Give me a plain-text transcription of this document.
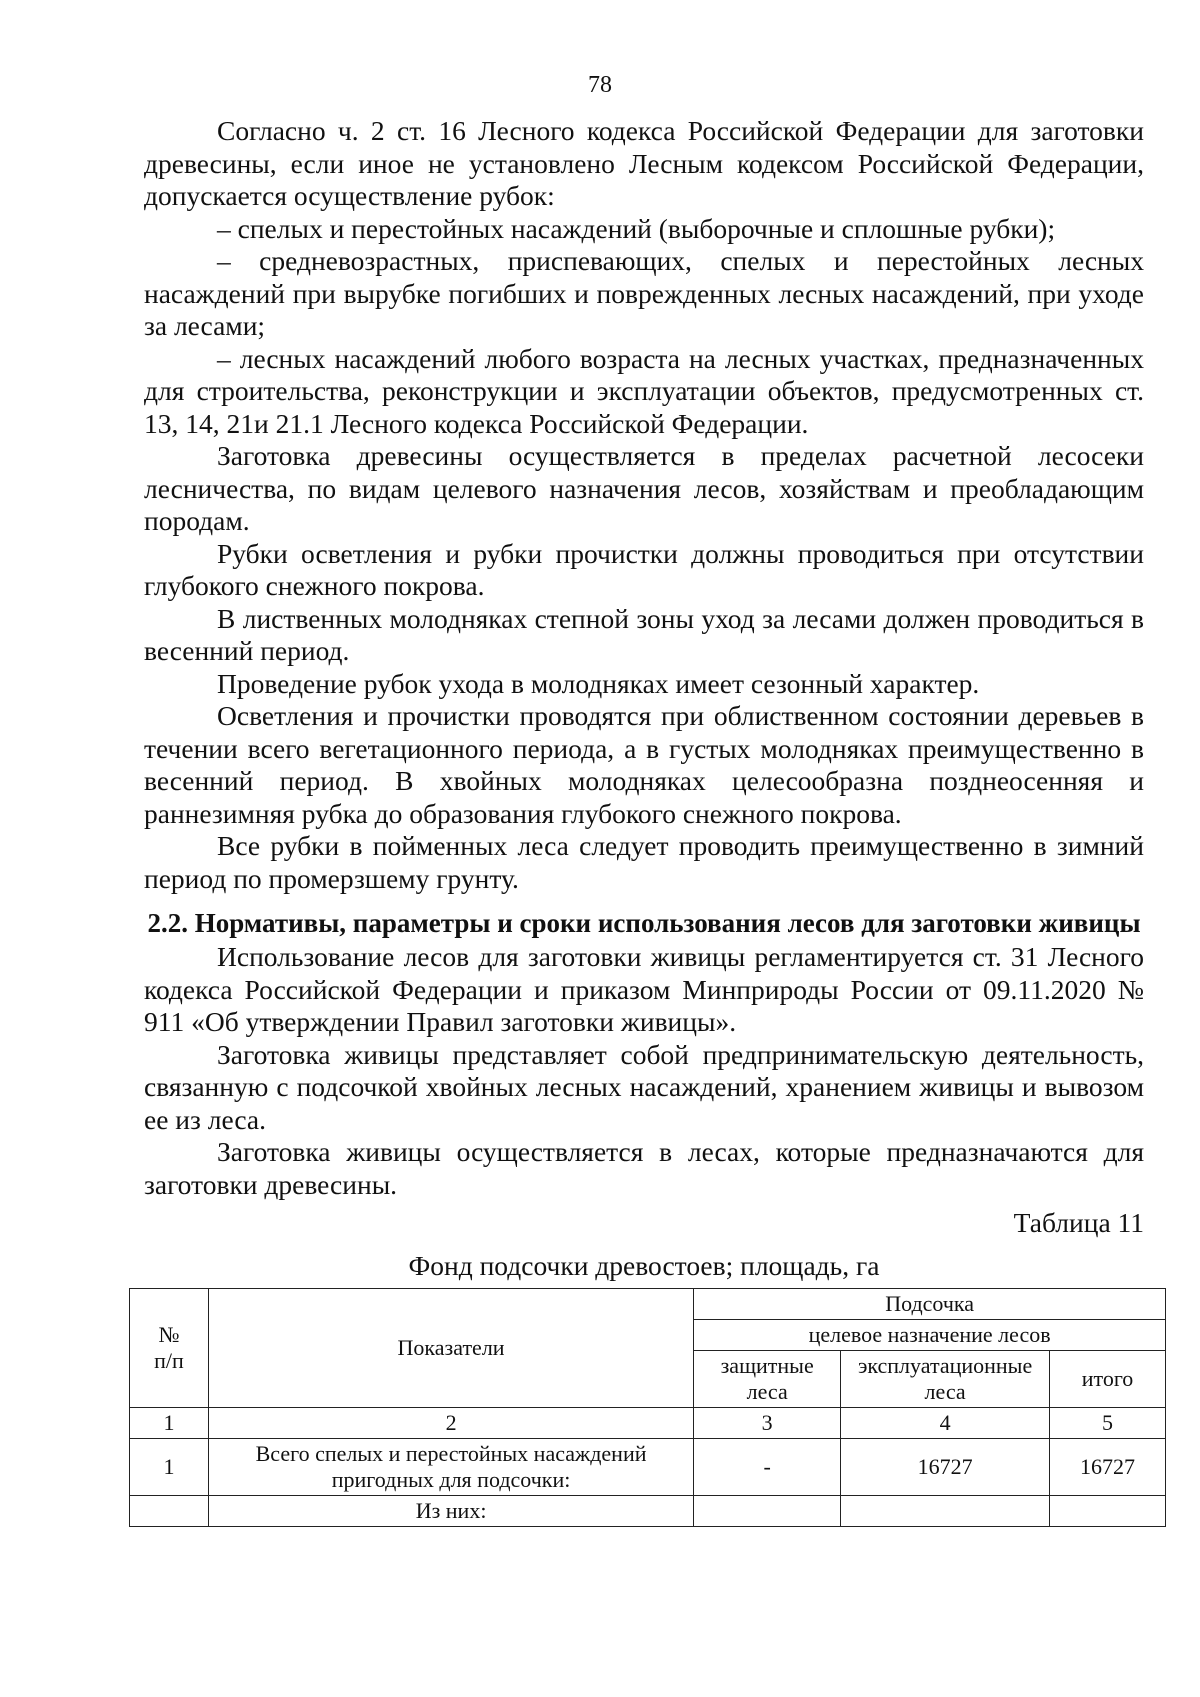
78

Согласно ч. 2 ст. 16 Лесного кодекса Российской Федерации для заготовки древесины, если иное не установлено Лесным кодексом Российской Федерации, допускается осуществление рубок:

– спелых и перестойных насаждений (выборочные и сплошные рубки);

– средневозрастных, приспевающих, спелых и перестойных лесных насаждений при вырубке погибших и поврежденных лесных насаждений, при уходе за лесами;

– лесных насаждений любого возраста на лесных участках, предназначенных для строительства, реконструкции и эксплуатации объектов, предусмотренных ст. 13, 14, 21и 21.1 Лесного кодекса Российской Федерации.

Заготовка древесины осуществляется в пределах расчетной лесосеки лесничества, по видам целевого назначения лесов, хозяйствам и преобладающим породам.

Рубки осветления и рубки прочистки должны проводиться при отсутствии глубокого снежного покрова.

В лиственных молодняках степной зоны уход за лесами должен проводиться в весенний период.

Проведение рубок ухода в молодняках имеет сезонный характер.

Осветления и прочистки проводятся при облиственном состоянии деревьев в течении всего вегетационного периода, а в густых молодняках преимущественно в весенний период. В хвойных молодняках целесообразна позднеосенняя и раннезимняя рубка до образования глубокого снежного покрова.

Все рубки в пойменных леса следует проводить преимущественно в зимний период по промерзшему грунту.

2.2. Нормативы, параметры и сроки использования лесов для заготовки живицы

Использование лесов для заготовки живицы регламентируется ст. 31 Лесного кодекса Российской Федерации и приказом Минприроды России от 09.11.2020 № 911 «Об утверждении Правил заготовки живицы».

Заготовка живицы представляет собой предпринимательскую деятельность, связанную с подсочкой хвойных лесных насаждений, хранением живицы и вывозом ее из леса.

Заготовка живицы осуществляется в лесах, которые предназначаются для заготовки древесины.

Таблица 11
Фонд подсочки древостоев; площадь, га
№
п/п	Показатели	Подсочка		
		целевое назначение лесов		
		защитные леса	эксплуатационные леса	итого
1	2	3	4	5
1	Всего спелых и перестойных насаждений пригодных для подсочки:	-	16727	16727
	Из них:			
